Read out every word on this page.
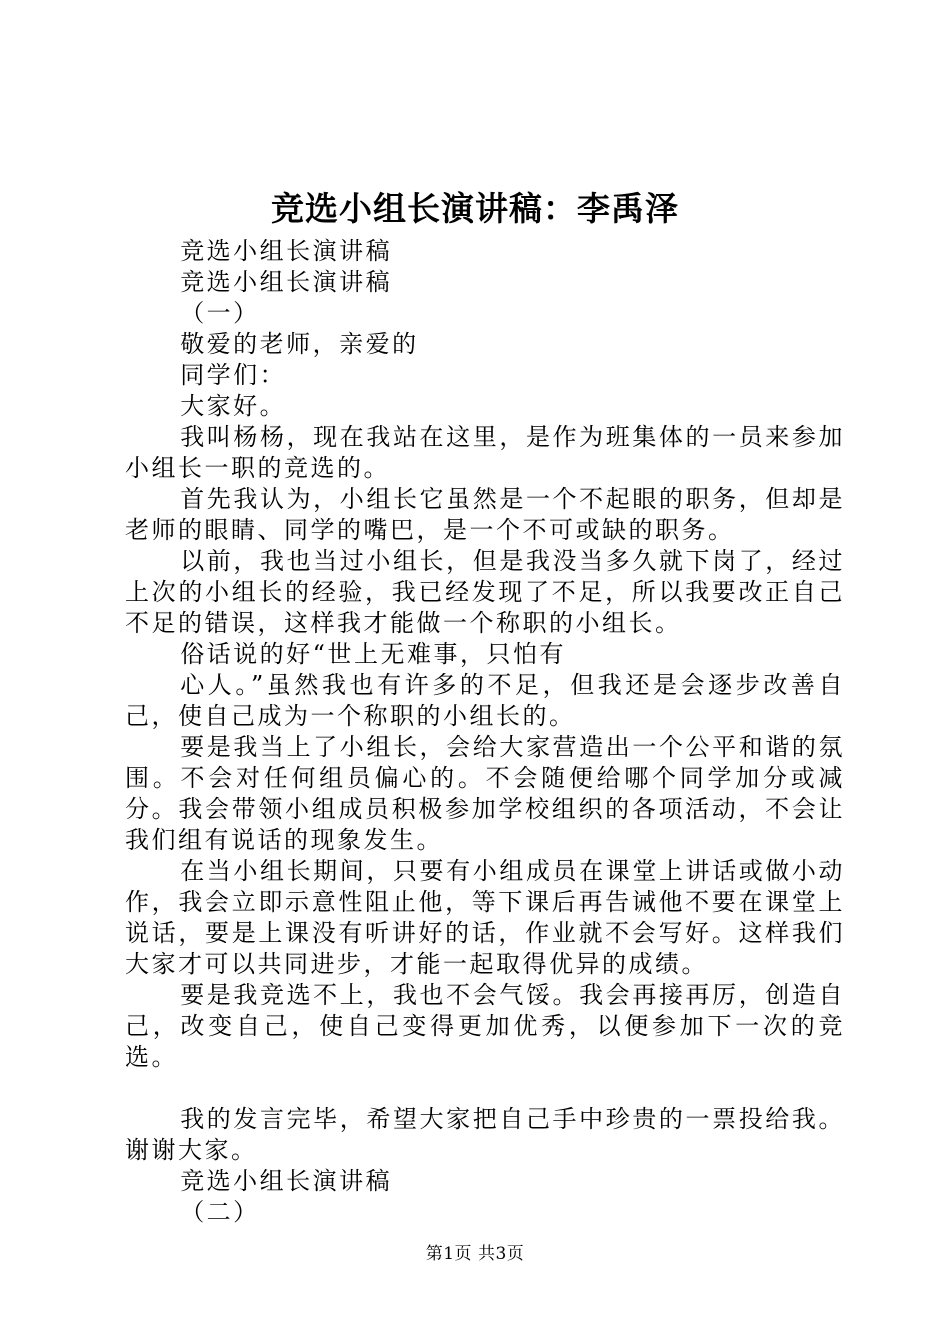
竞选小组长演讲稿：李禹泽

竞选小组长演讲稿

竞选小组长演讲稿

（一）

敬爱的老师，亲爱的

同学们：

大家好。

我叫杨杨，现在我站在这里，是作为班集体的一员来参加小组长一职的竞选的。

首先我认为，小组长它虽然是一个不起眼的职务，但却是老师的眼睛、同学的嘴巴，是一个不可或缺的职务。

以前，我也当过小组长，但是我没当多久就下岗了，经过上次的小组长的经验，我已经发现了不足，所以我要改正自己不足的错误，这样我才能做一个称职的小组长。

俗话说的好“世上无难事，只怕有

心人。”虽然我也有许多的不足，但我还是会逐步改善自己，使自己成为一个称职的小组长的。

要是我当上了小组长，会给大家营造出一个公平和谐的氛围。不会对任何组员偏心的。不会随便给哪个同学加分或减分。我会带领小组成员积极参加学校组织的各项活动，不会让我们组有说话的现象发生。

在当小组长期间，只要有小组成员在课堂上讲话或做小动作，我会立即示意性阻止他，等下课后再告诫他不要在课堂上说话，要是上课没有听讲好的话，作业就不会写好。这样我们大家才可以共同进步，才能一起取得优异的成绩。

要是我竞选不上，我也不会气馁。我会再接再厉，创造自己，改变自己，使自己变得更加优秀，以便参加下一次的竞选。

我的发言完毕，希望大家把自己手中珍贵的一票投给我。谢谢大家。

竞选小组长演讲稿

（二）

第1页 共3页
